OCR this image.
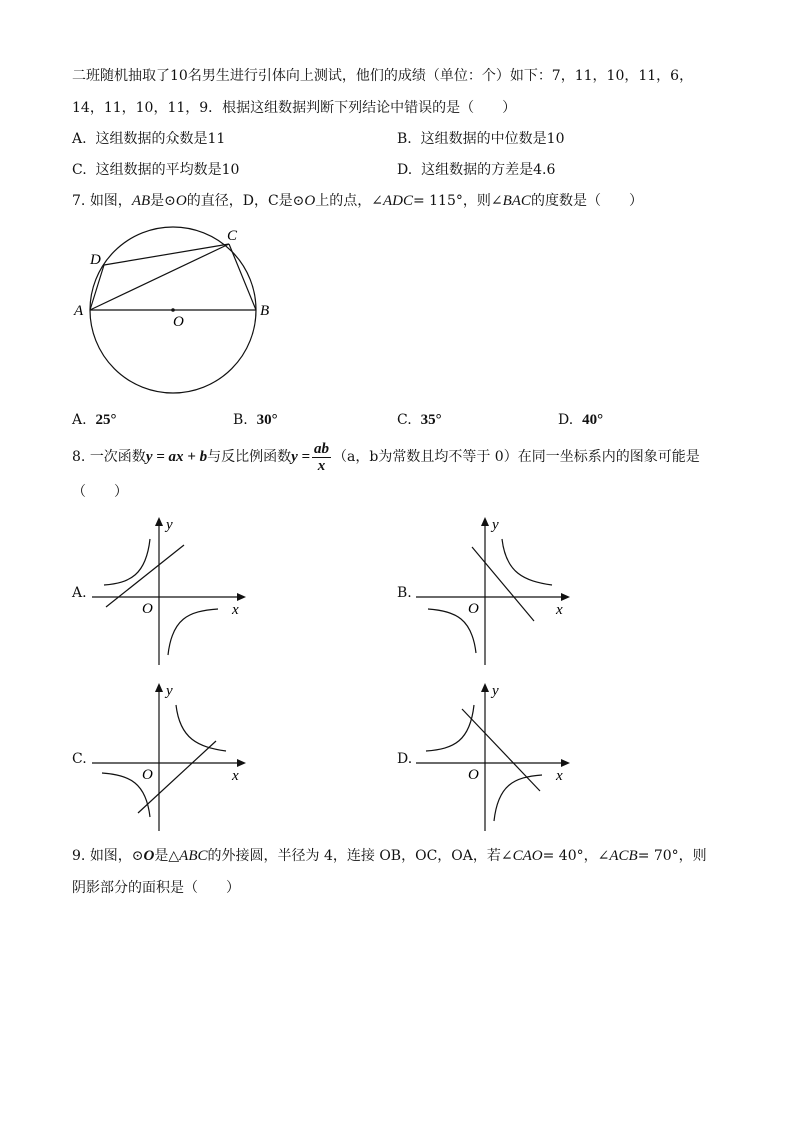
二班随机抽取了10名男生进行引体向上测试，他们的成绩（单位：个）如下：7，11，10，11，6，
14，11，10，11，9．根据这组数据判断下列结论中错误的是（　　）
A. 这组数据的众数是11	B. 这组数据的中位数是10
C. 这组数据的平均数是10	D. 这组数据的方差是4.6
7. 如图，AB是⊙O的直径，D，C是⊙O上的点，∠ADC= 115°，则∠BAC的度数是（　　）
A	B
C
D
O
A. 25°	B. 30°	C. 35°	D. 40°
8. 一次函数y = ax + b与反比例函数$y = \frac{ab}{x} (a$，b为常数且均不等于 0）在同一坐标系内的图象可能是
（　　）
A.
y
x
O
B.
y
x
O
C.
y
x
O
D.
y
x
O
9. 如图，⊙O是△ABC的外接圆，半径为 4，连接 OB，OC，OA，若∠CAO= 40°，∠ACB= 70°，则
阴影部分的面积是（　　）
